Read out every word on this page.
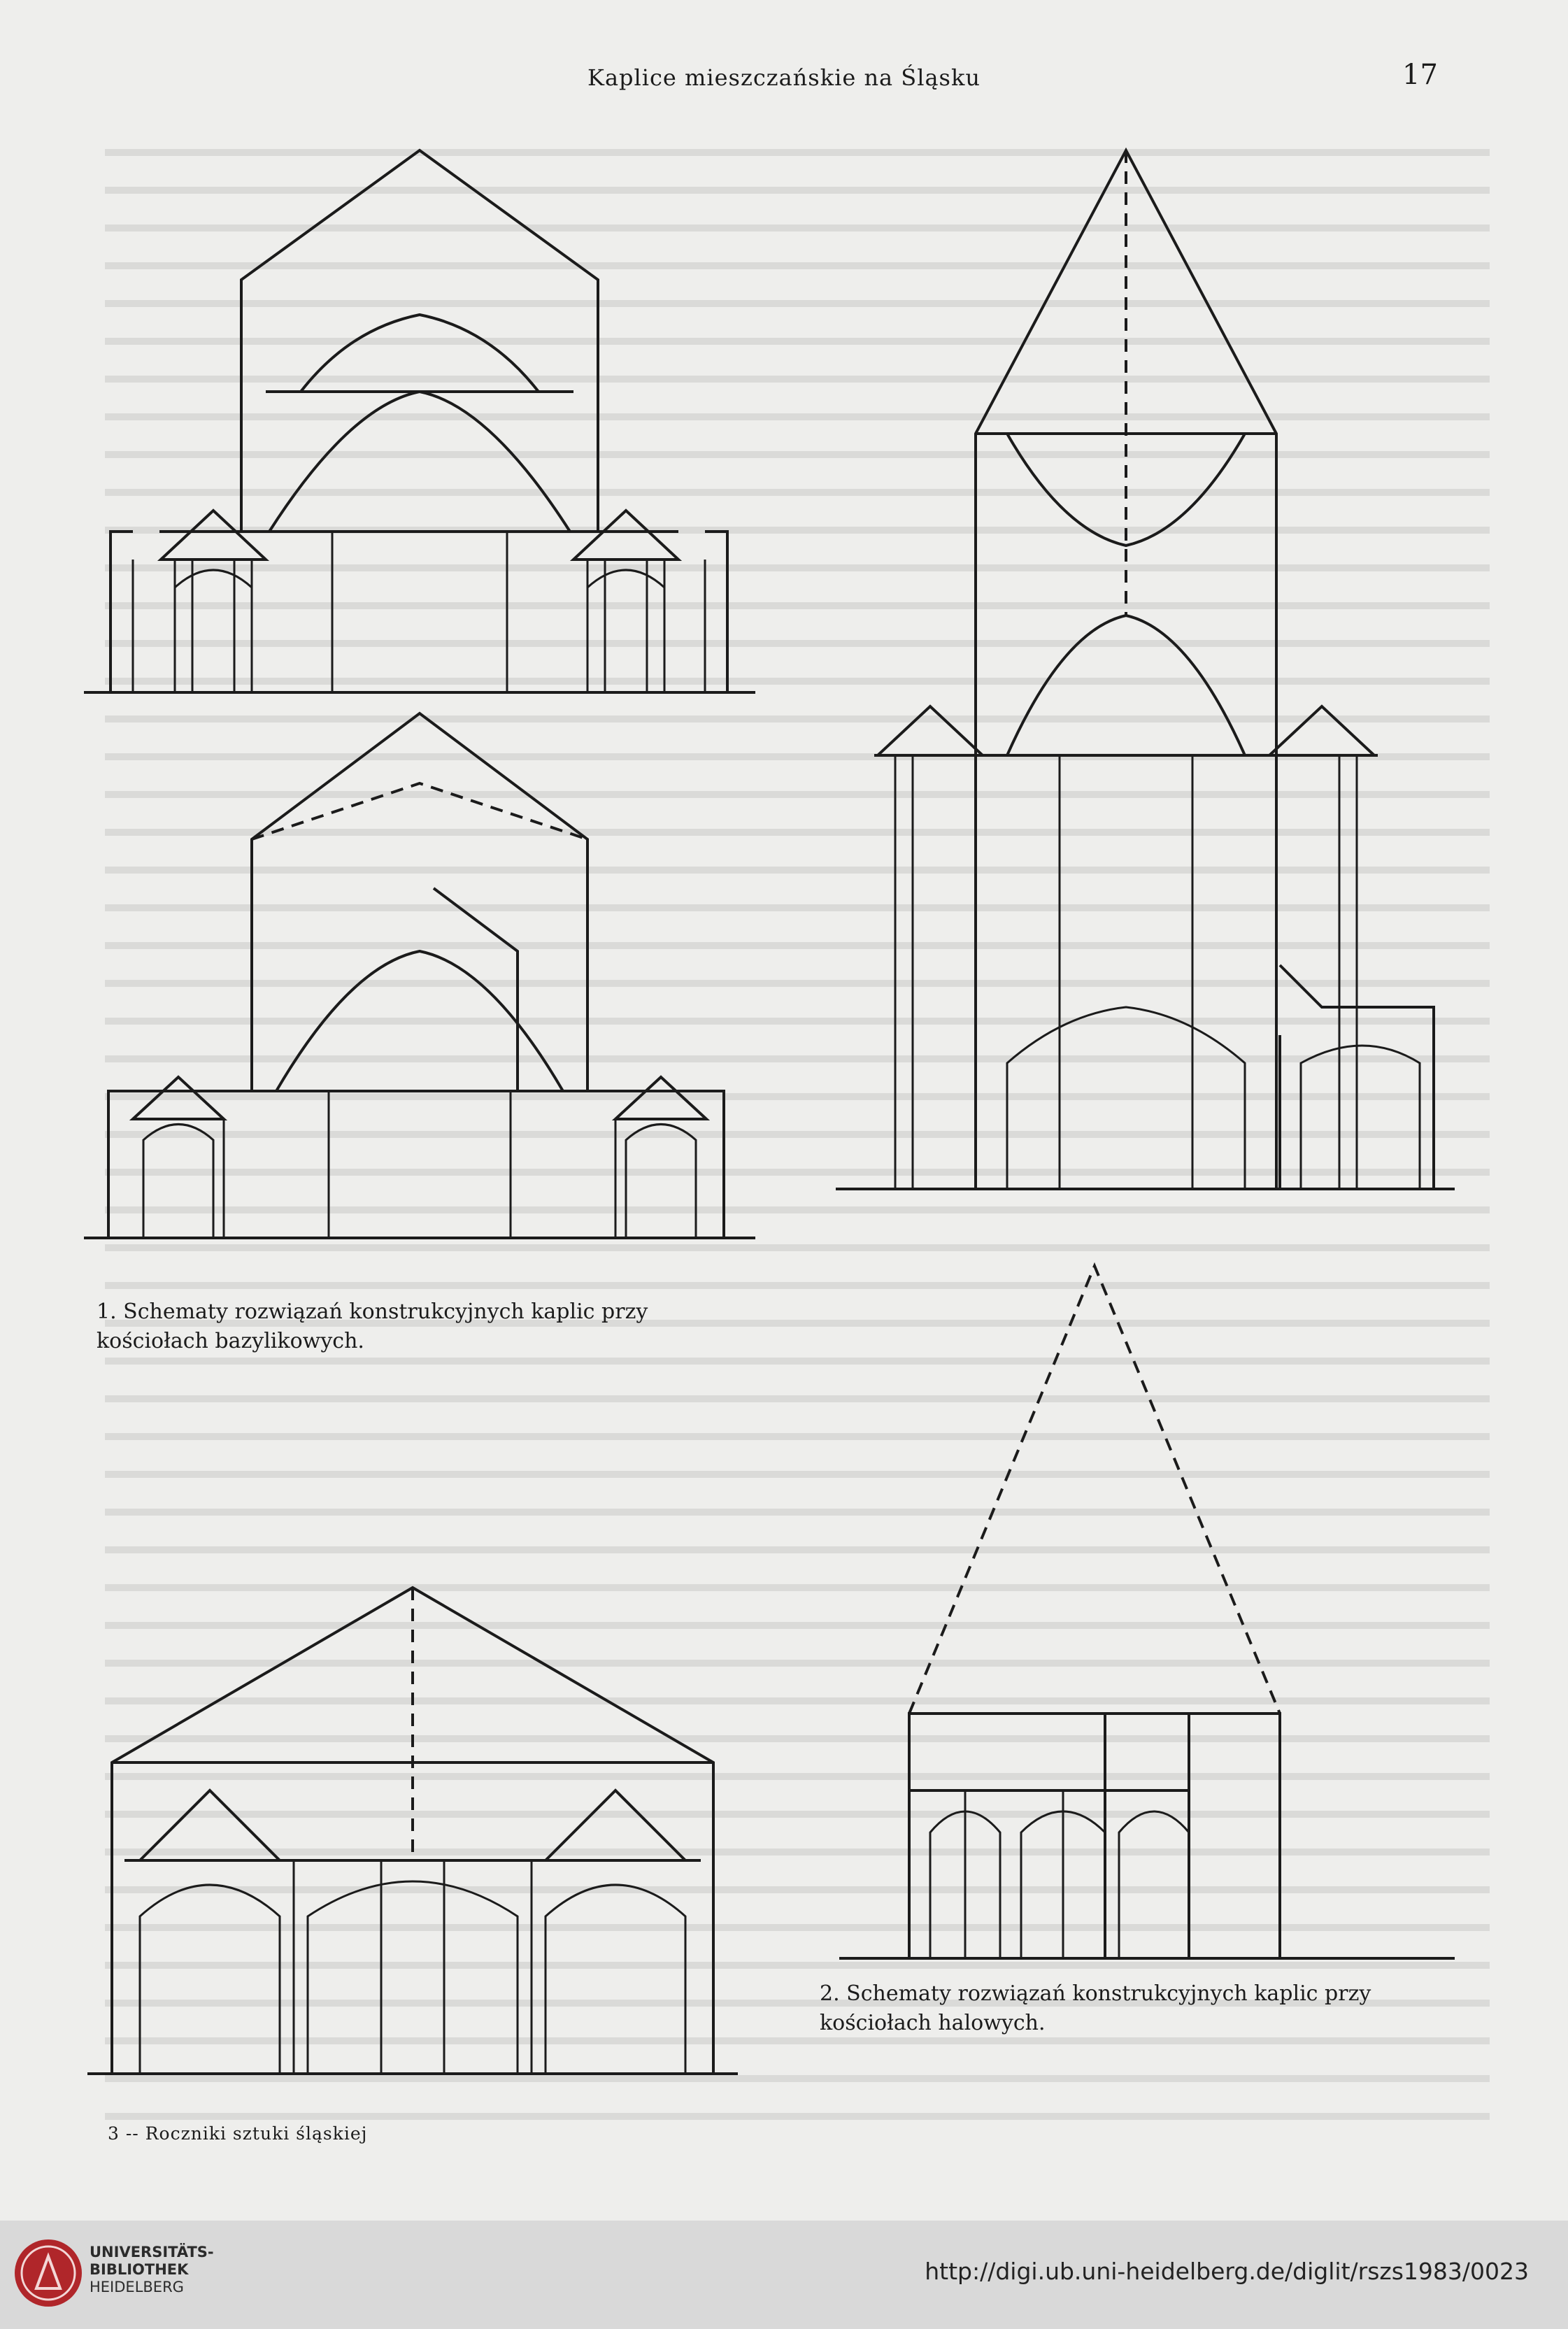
Kaplice mieszczańskie na Śląsku	17
1. Schematy rozwiązań konstrukcyjnych kaplic przy kościołach bazylikowych.
2. Schematy rozwiązań konstrukcyjnych kaplic przy kościołach halowych.
3 -- Roczniki sztuki śląskiej
UNIVERSITÄTS-
BIBLIOTHEK
HEIDELBERG
http://digi.ub.uni-heidelberg.de/diglit/rszs1983/0023
